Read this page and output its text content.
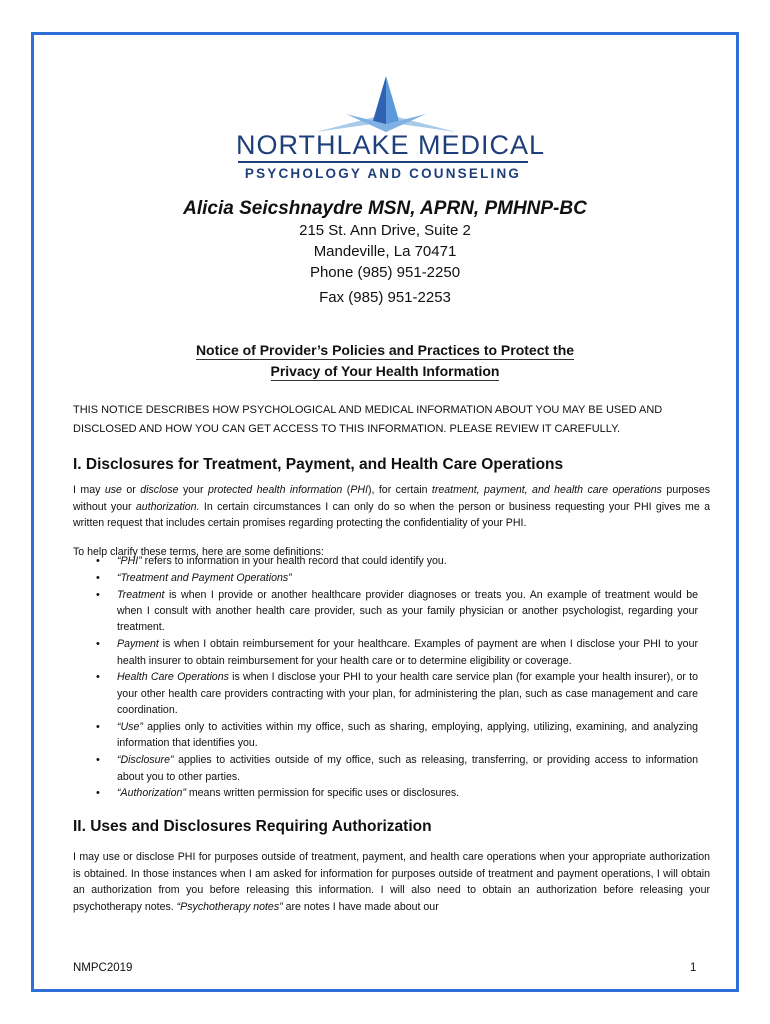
NORTHLAKE MEDICAL
PSYCHOLOGY AND COUNSELING
Alicia Seicshnaydre MSN, APRN, PMHNP-BC
215 St. Ann Drive, Suite 2
Mandeville, La 70471
Phone (985) 951-2250
Fax (985) 951-2253
Notice of Provider’s Policies and Practices to Protect the
Privacy of Your Health Information
THIS NOTICE DESCRIBES HOW PSYCHOLOGICAL AND MEDICAL INFORMATION ABOUT YOU MAY BE USED AND
DISCLOSED AND HOW YOU CAN GET ACCESS TO THIS INFORMATION. PLEASE REVIEW IT CAREFULLY.
I. Disclosures for Treatment, Payment, and Health Care Operations
I may use or disclose your protected health information (PHI), for certain treatment, payment, and health care operations purposes without your authorization. In certain circumstances I can only do so when the person or business requesting your PHI gives me a written request that includes certain promises regarding protecting the confidentiality of your PHI.
To help clarify these terms, here are some definitions:
• “PHI” refers to information in your health record that could identify you.
• “Treatment and Payment Operations”
• Treatment is when I provide or another healthcare provider diagnoses or treats you. An example of treatment would be when I consult with another health care provider, such as your family physician or another psychologist, regarding your treatment.
• Payment is when I obtain reimbursement for your healthcare. Examples of payment are when I disclose your PHI to your health insurer to obtain reimbursement for your health care or to determine eligibility or coverage.
• Health Care Operations is when I disclose your PHI to your health care service plan (for example your health insurer), or to your other health care providers contracting with your plan, for administering the plan, such as case management and care coordination.
• “Use” applies only to activities within my office, such as sharing, employing, applying, utilizing, examining, and analyzing information that identifies you.
• “Disclosure” applies to activities outside of my office, such as releasing, transferring, or providing access to information about you to other parties.
• “Authorization” means written permission for specific uses or disclosures.
II. Uses and Disclosures Requiring Authorization
I may use or disclose PHI for purposes outside of treatment, payment, and health care operations when your appropriate authorization is obtained. In those instances when I am asked for information for purposes outside of treatment and payment operations, I will obtain an authorization from you before releasing this information. I will also need to obtain an authorization before releasing your psychotherapy notes. “Psychotherapy notes” are notes I have made about our
NMPC2019	1
